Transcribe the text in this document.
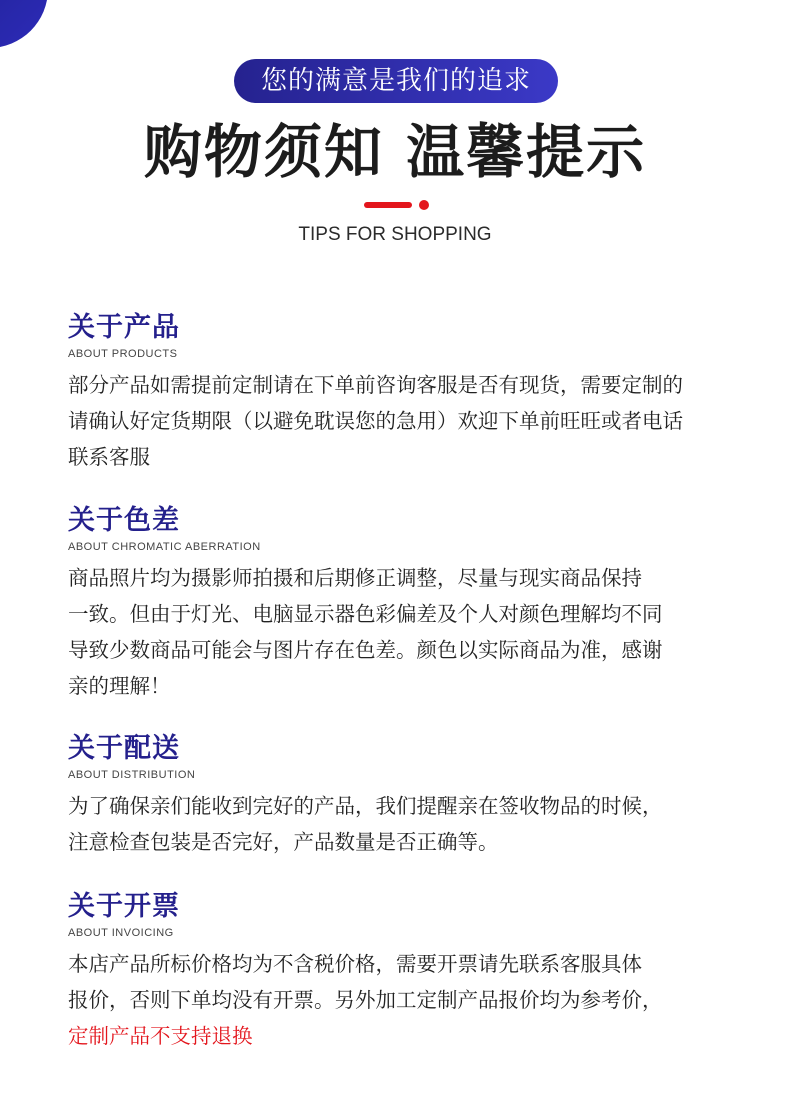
您的满意是我们的追求
购物须知 温馨提示
TIPS FOR SHOPPING
关于产品
ABOUT PRODUCTS

部分产品如需提前定制请在下单前咨询客服是否有现货，需要定制的

请确认好定货期限（以避免耽误您的急用）欢迎下单前旺旺或者电话

联系客服

关于色差
ABOUT CHROMATIC ABERRATION

商品照片均为摄影师拍摄和后期修正调整，尽量与现实商品保持

一致。但由于灯光、电脑显示器色彩偏差及个人对颜色理解均不同

导致少数商品可能会与图片存在色差。颜色以实际商品为准，感谢

亲的理解！

关于配送
ABOUT DISTRIBUTION

为了确保亲们能收到完好的产品，我们提醒亲在签收物品的时候，

注意检查包装是否完好，产品数量是否正确等。

关于开票
ABOUT INVOICING

本店产品所标价格均为不含税价格，需要开票请先联系客服具体

报价，否则下单均没有开票。另外加工定制产品报价均为参考价，

定制产品不支持退换
